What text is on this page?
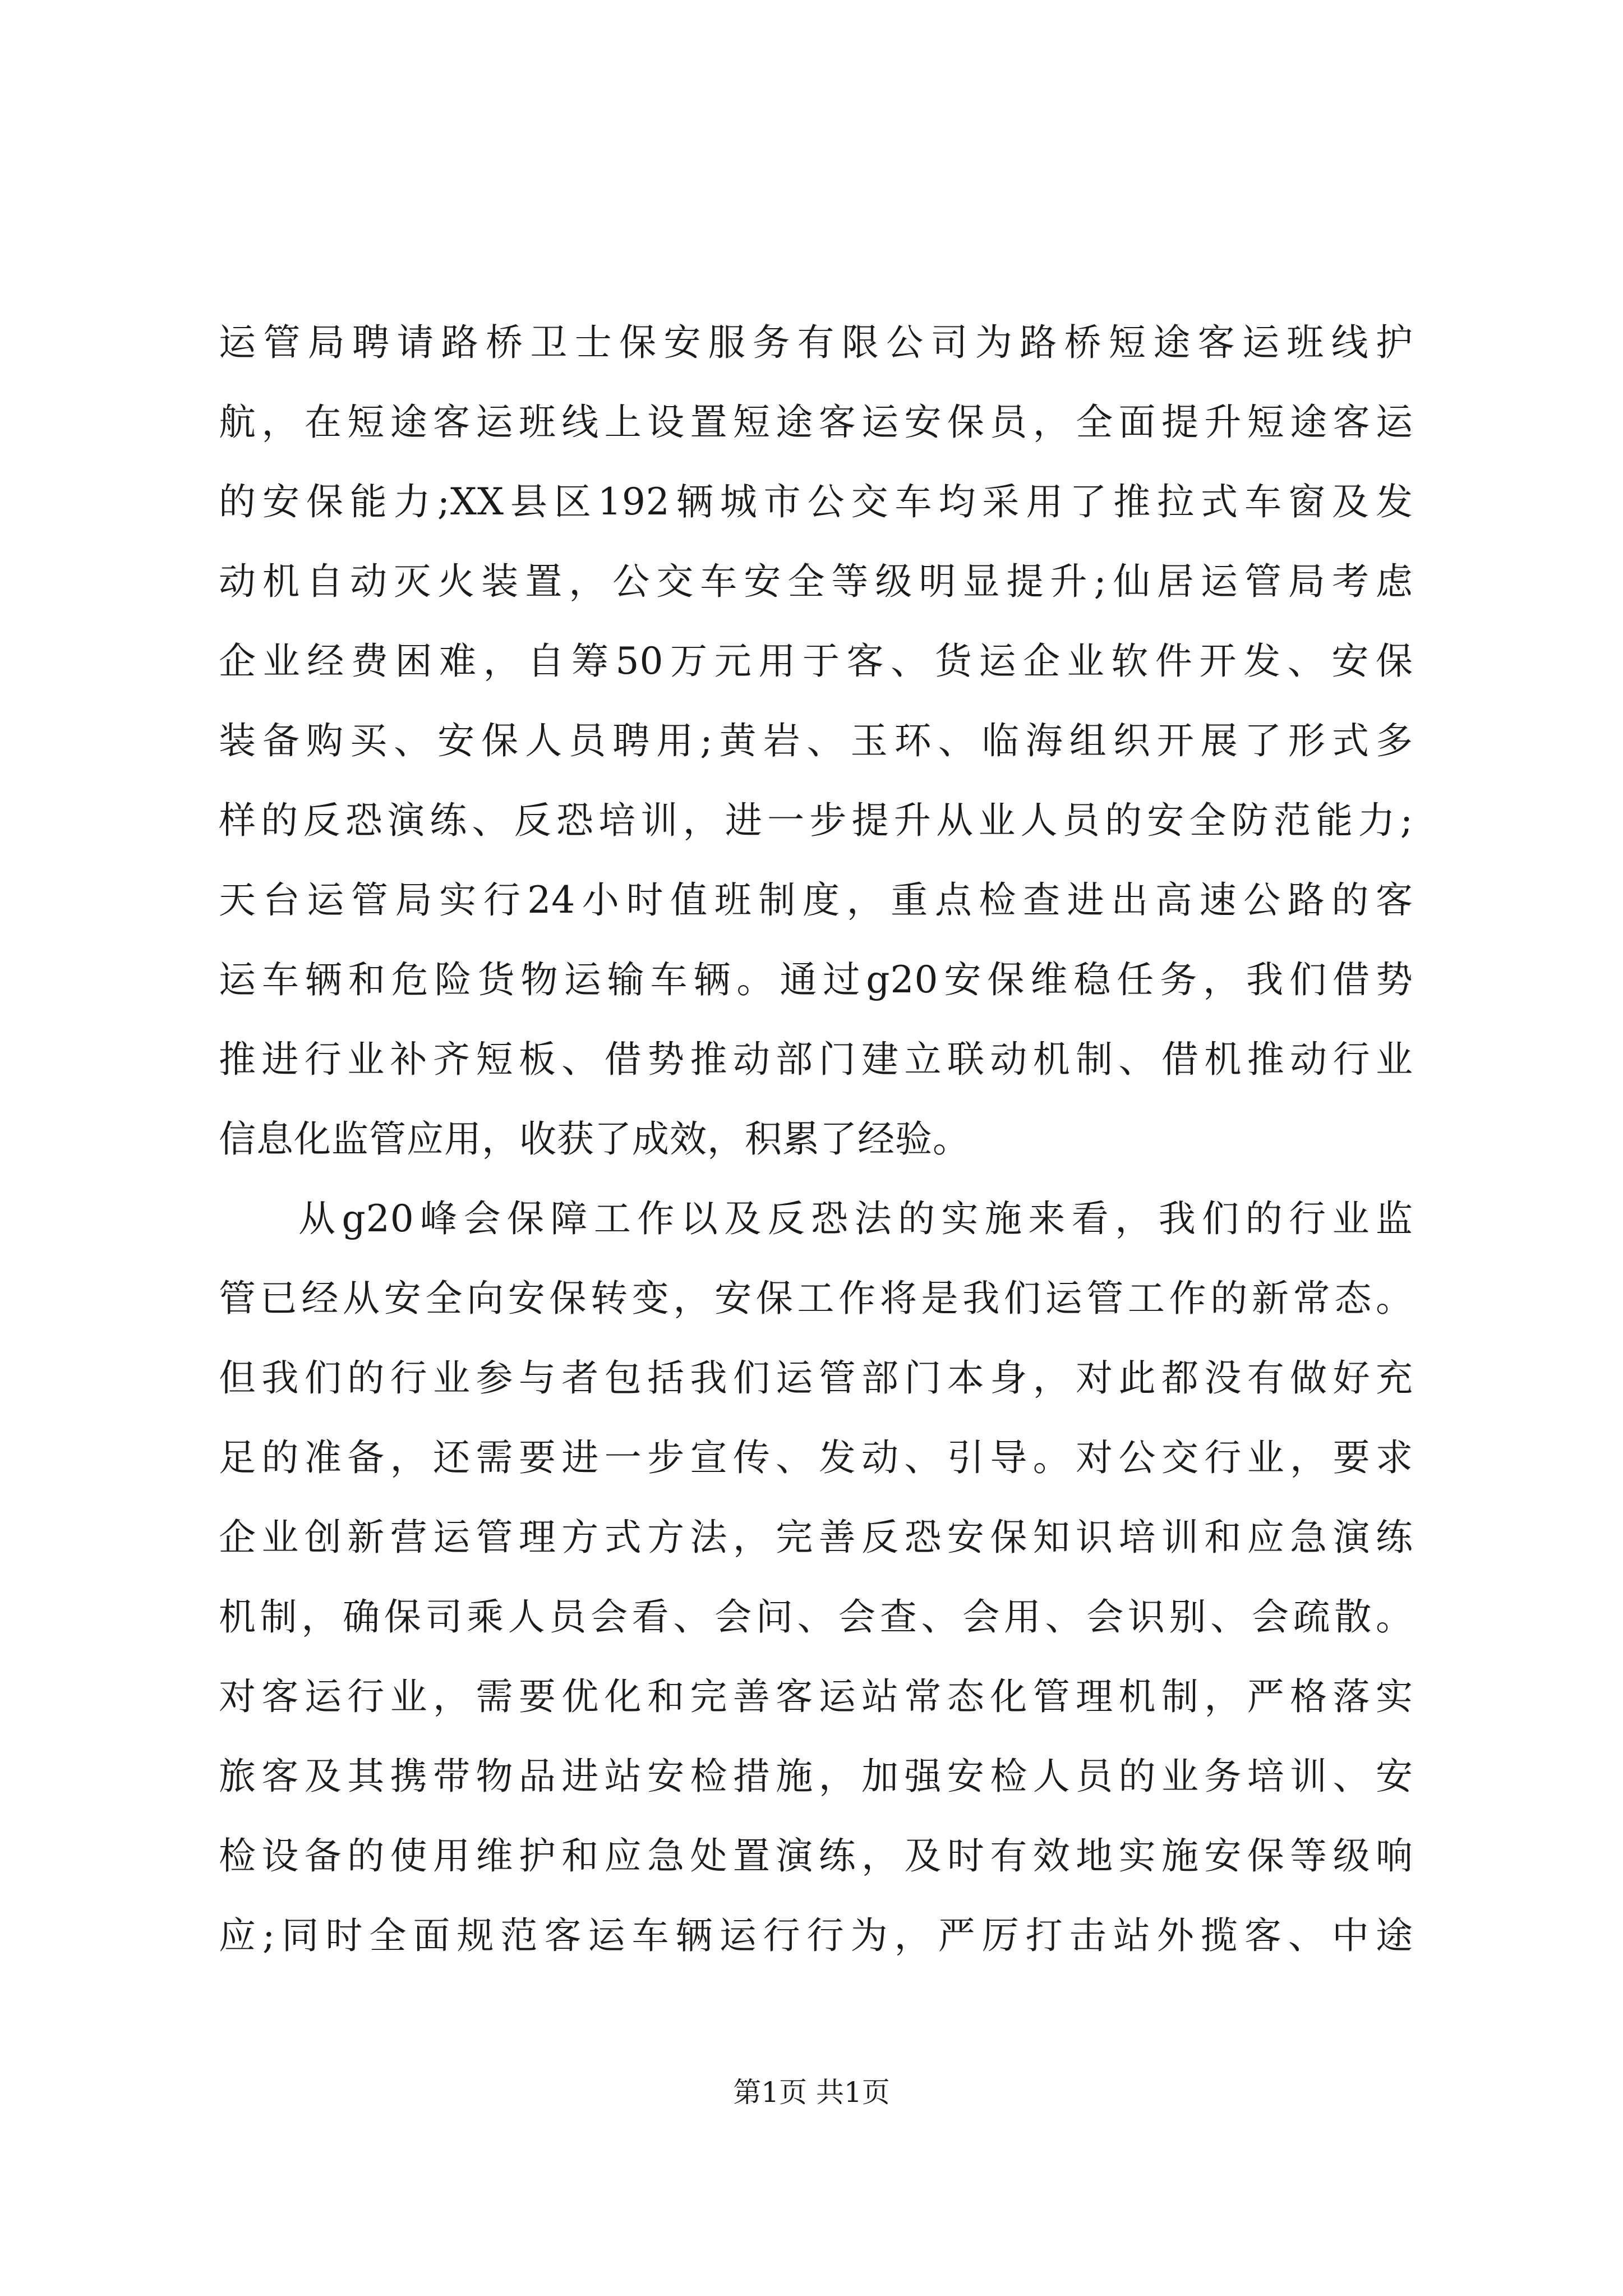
运管局聘请路桥卫士保安服务有限公司为路桥短途客运班线护
航，在短途客运班线上设置短途客运安保员，全面提升短途客运
的安保能力;XX县区192辆城市公交车均采用了推拉式车窗及发
动机自动灭火装置，公交车安全等级明显提升;仙居运管局考虑
企业经费困难，自筹50万元用于客、货运企业软件开发、安保
装备购买、安保人员聘用;黄岩、玉环、临海组织开展了形式多
样的反恐演练、反恐培训，进一步提升从业人员的安全防范能力;
天台运管局实行24小时值班制度，重点检查进出高速公路的客
运车辆和危险货物运输车辆。通过g20安保维稳任务，我们借势
推进行业补齐短板、借势推动部门建立联动机制、借机推动行业
信息化监管应用，收获了成效，积累了经验。
从g20峰会保障工作以及反恐法的实施来看，我们的行业监
管已经从安全向安保转变，安保工作将是我们运管工作的新常态。
但我们的行业参与者包括我们运管部门本身，对此都没有做好充
足的准备，还需要进一步宣传、发动、引导。对公交行业，要求
企业创新营运管理方式方法，完善反恐安保知识培训和应急演练
机制，确保司乘人员会看、会问、会查、会用、会识别、会疏散。
对客运行业，需要优化和完善客运站常态化管理机制，严格落实
旅客及其携带物品进站安检措施，加强安检人员的业务培训、安
检设备的使用维护和应急处置演练，及时有效地实施安保等级响
应;同时全面规范客运车辆运行行为，严厉打击站外揽客、中途
第1页 共1页
